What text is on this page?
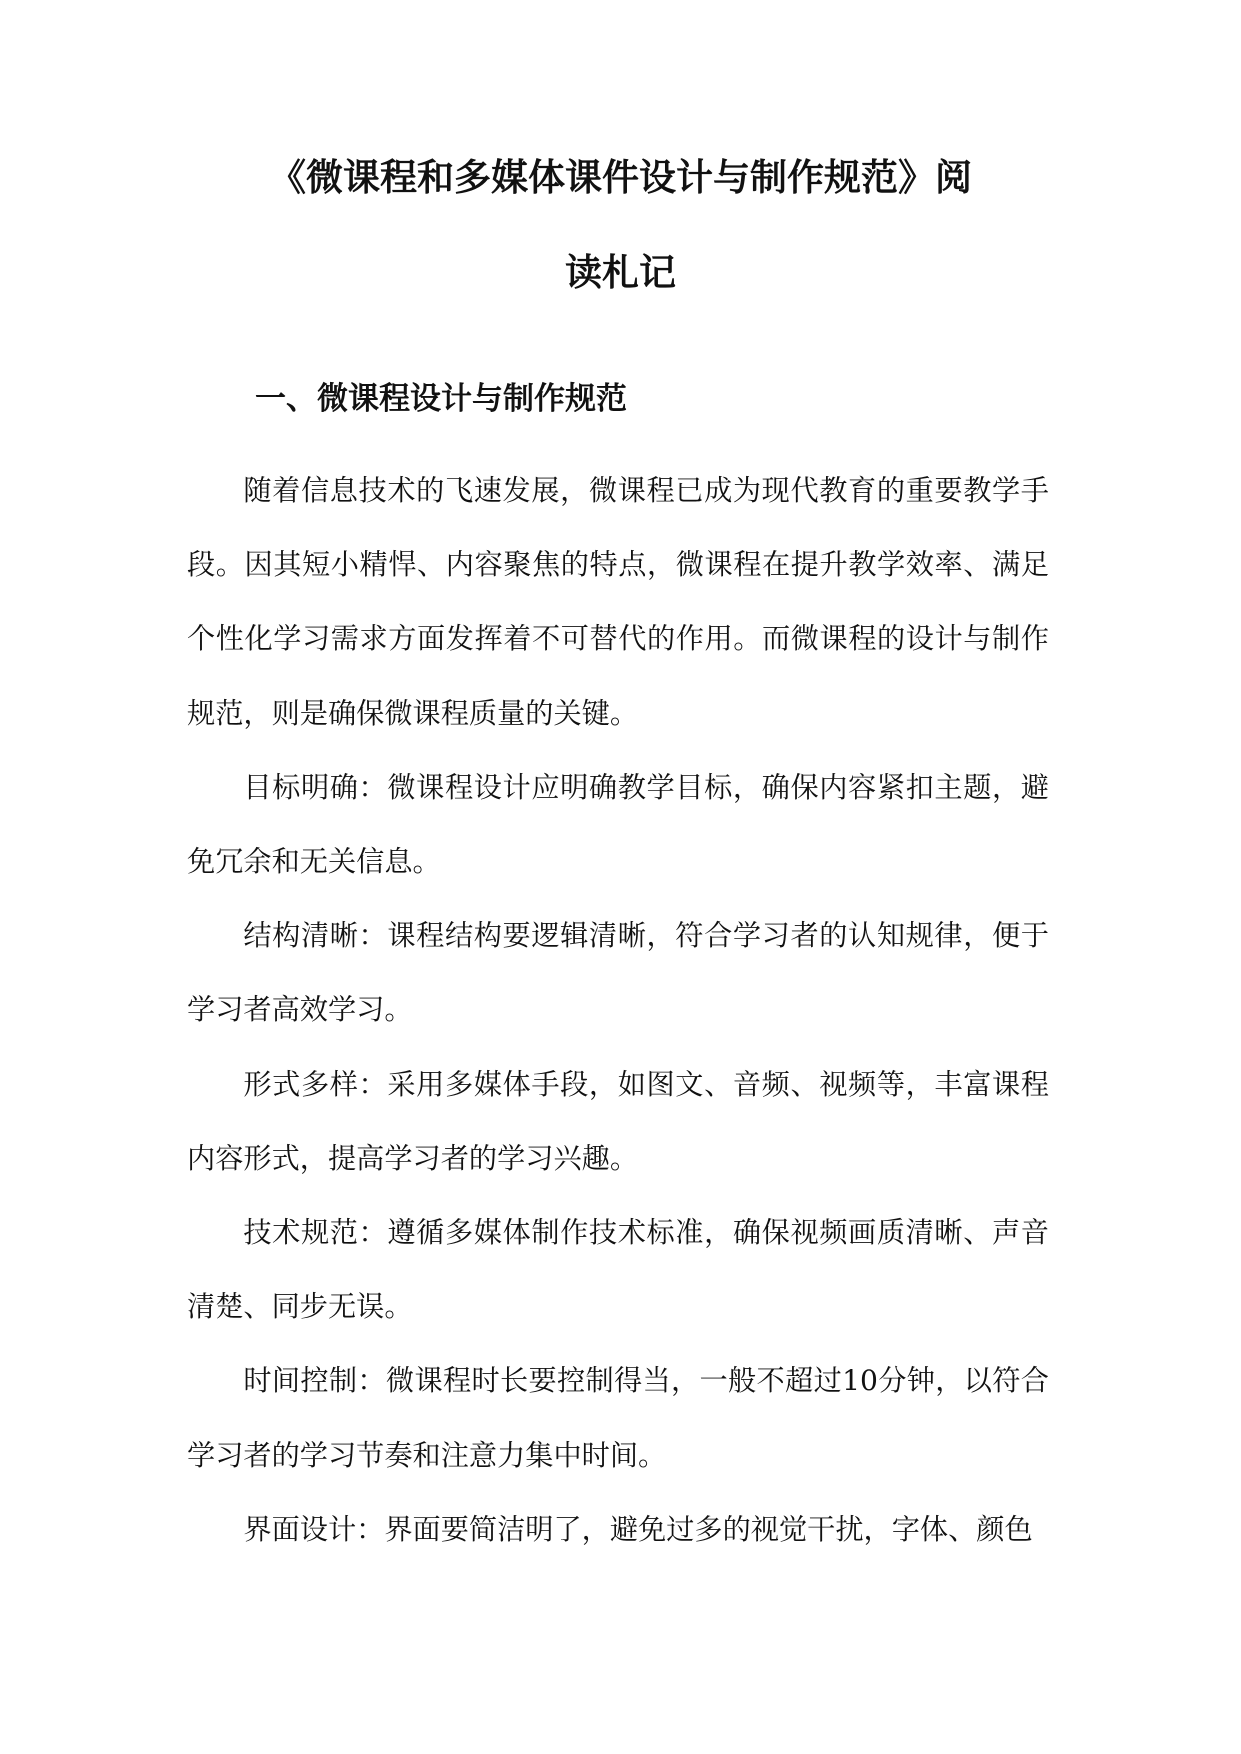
《微课程和多媒体课件设计与制作规范》阅
读札记
一、微课程设计与制作规范

随着信息技术的飞速发展，微课程已成为现代教育的重要教学手段。因其短小精悍、内容聚焦的特点，微课程在提升教学效率、满足个性化学习需求方面发挥着不可替代的作用。而微课程的设计与制作规范，则是确保微课程质量的关键。

目标明确：微课程设计应明确教学目标，确保内容紧扣主题，避免冗余和无关信息。

结构清晰：课程结构要逻辑清晰，符合学习者的认知规律，便于学习者高效学习。

形式多样：采用多媒体手段，如图文、音频、视频等，丰富课程内容形式，提高学习者的学习兴趣。

技术规范：遵循多媒体制作技术标准，确保视频画质清晰、声音清楚、同步无误。

时间控制：微课程时长要控制得当，一般不超过10分钟，以符合学习者的学习节奏和注意力集中时间。

界面设计：界面要简洁明了，避免过多的视觉干扰，字体、颜色
